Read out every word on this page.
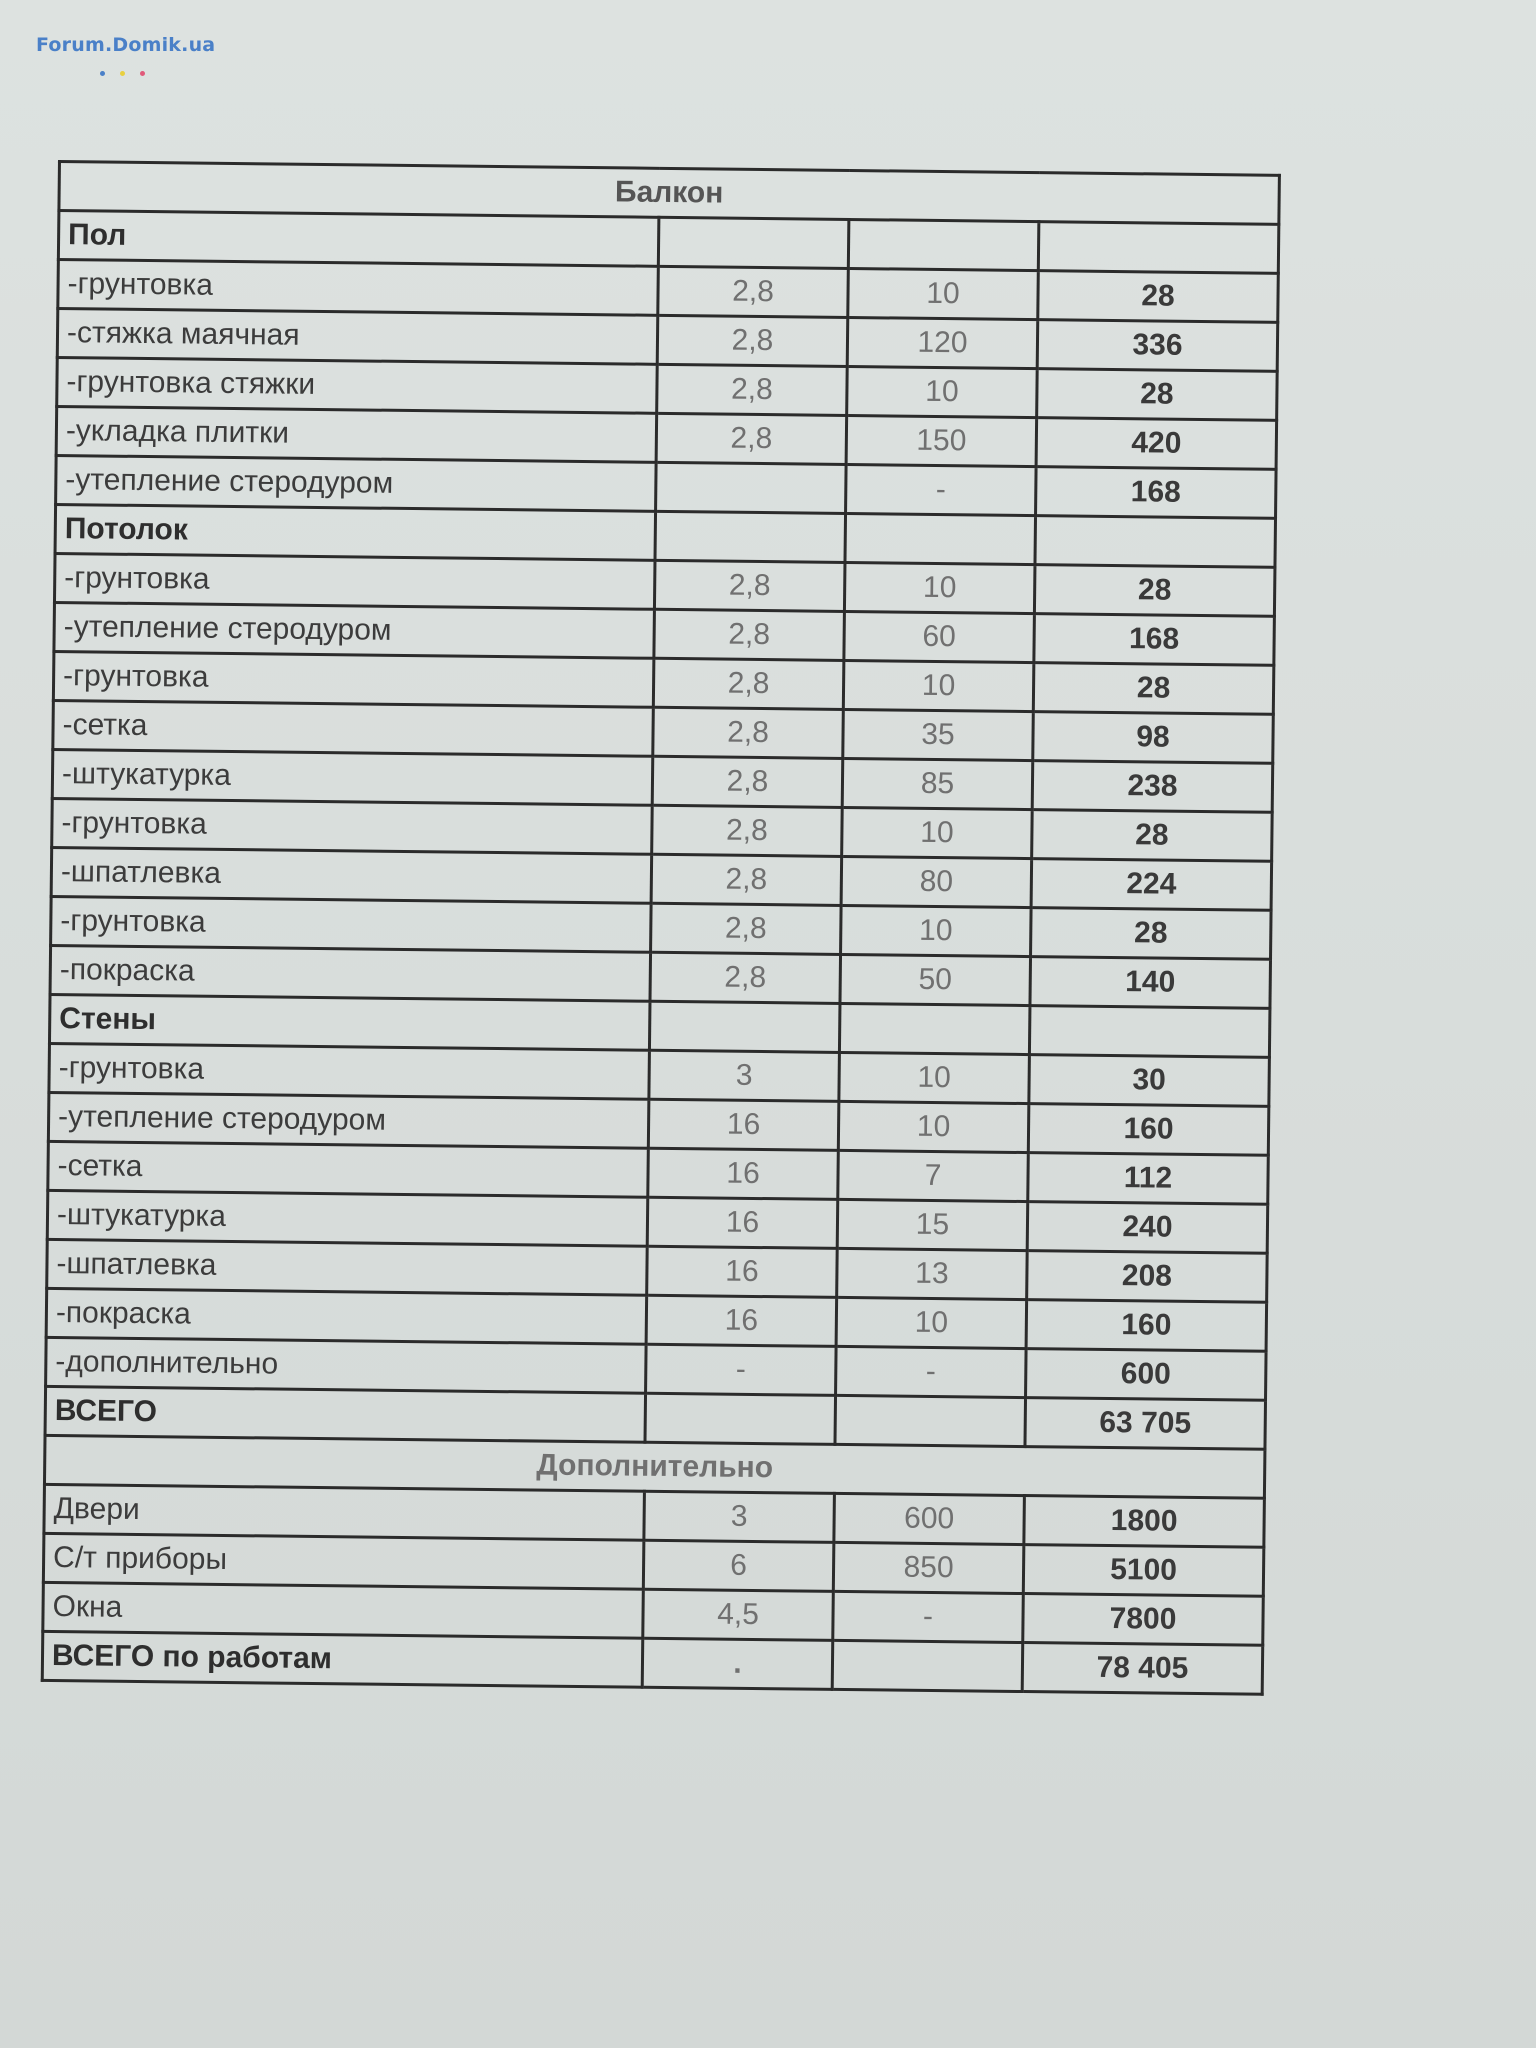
Forum.Domik.ua
Балкон			
Пол			
-грунтовка	2,8	10	28
-стяжка маячная	2,8	120	336
-грунтовка стяжки	2,8	10	28
-укладка плитки	2,8	150	420
-утепление стеродуром		-	168
Потолок			
-грунтовка	2,8	10	28
-утепление стеродуром	2,8	60	168
-грунтовка	2,8	10	28
-сетка	2,8	35	98
-штукатурка	2,8	85	238
-грунтовка	2,8	10	28
-шпатлевка	2,8	80	224
-грунтовка	2,8	10	28
-покраска	2,8	50	140
Стены			
-грунтовка	3	10	30
-утепление стеродуром	16	10	160
-сетка	16	7	112
-штукатурка	16	15	240
-шпатлевка	16	13	208
-покраска	16	10	160
-дополнительно	-	-	600
ВСЕГО			63 705
Дополнительно			
Двери	3	600	1800
С/т приборы	6	850	5100
Окна	4,5	-	7800
ВСЕГО по работам	.		78 405
